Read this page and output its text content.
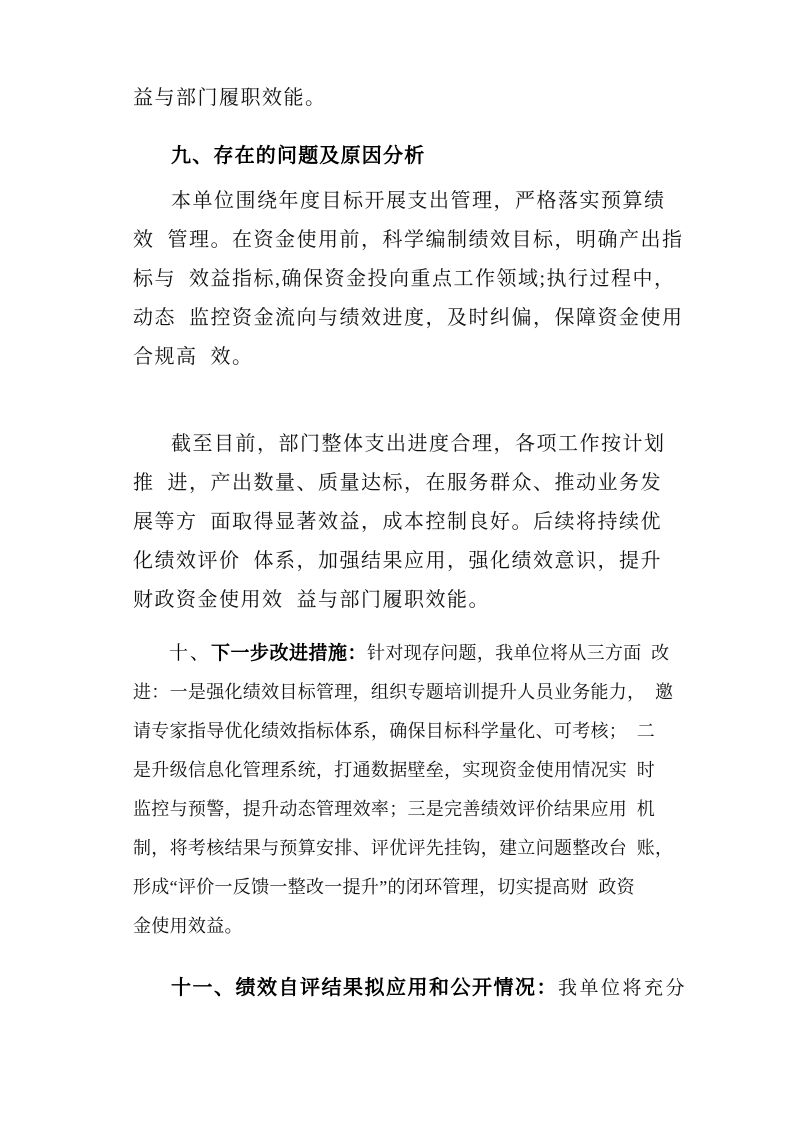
益与部门履职效能。
九、存在的问题及原因分析
本单位围绕年度目标开展支出管理，严格落实预算绩
效  管理。在资金使用前，科学编制绩效目标，明确产出指
标与  效益指标,确保资金投向重点工作领域;执行过程中，
动态  监控资金流向与绩效进度，及时纠偏，保障资金使用
合规高  效。
截至目前，部门整体支出进度合理，各项工作按计划
推  进，产出数量、质量达标，在服务群众、推动业务发
展等方  面取得显著效益，成本控制良好。后续将持续优
化绩效评价  体系，加强结果应用，强化绩效意识，提升
财政资金使用效  益与部门履职效能。
十、下一步改进措施：针对现存问题，我单位将从三方面  改
进：一是强化绩效目标管理，组织专题培训提升人员业务能力，  邀
请专家指导优化绩效指标体系，确保目标科学量化、可考核；  二
是升级信息化管理系统，打通数据壁垒，实现资金使用情况实  时
监控与预警，提升动态管理效率；三是完善绩效评价结果应用  机
制，将考核结果与预算安排、评优评先挂钩，建立问题整改台  账，
形成“评价一反馈一整改一提升”的闭环管理，切实提高财  政资
金使用效益。
十一、绩效自评结果拟应用和公开情况：我单位将充分
